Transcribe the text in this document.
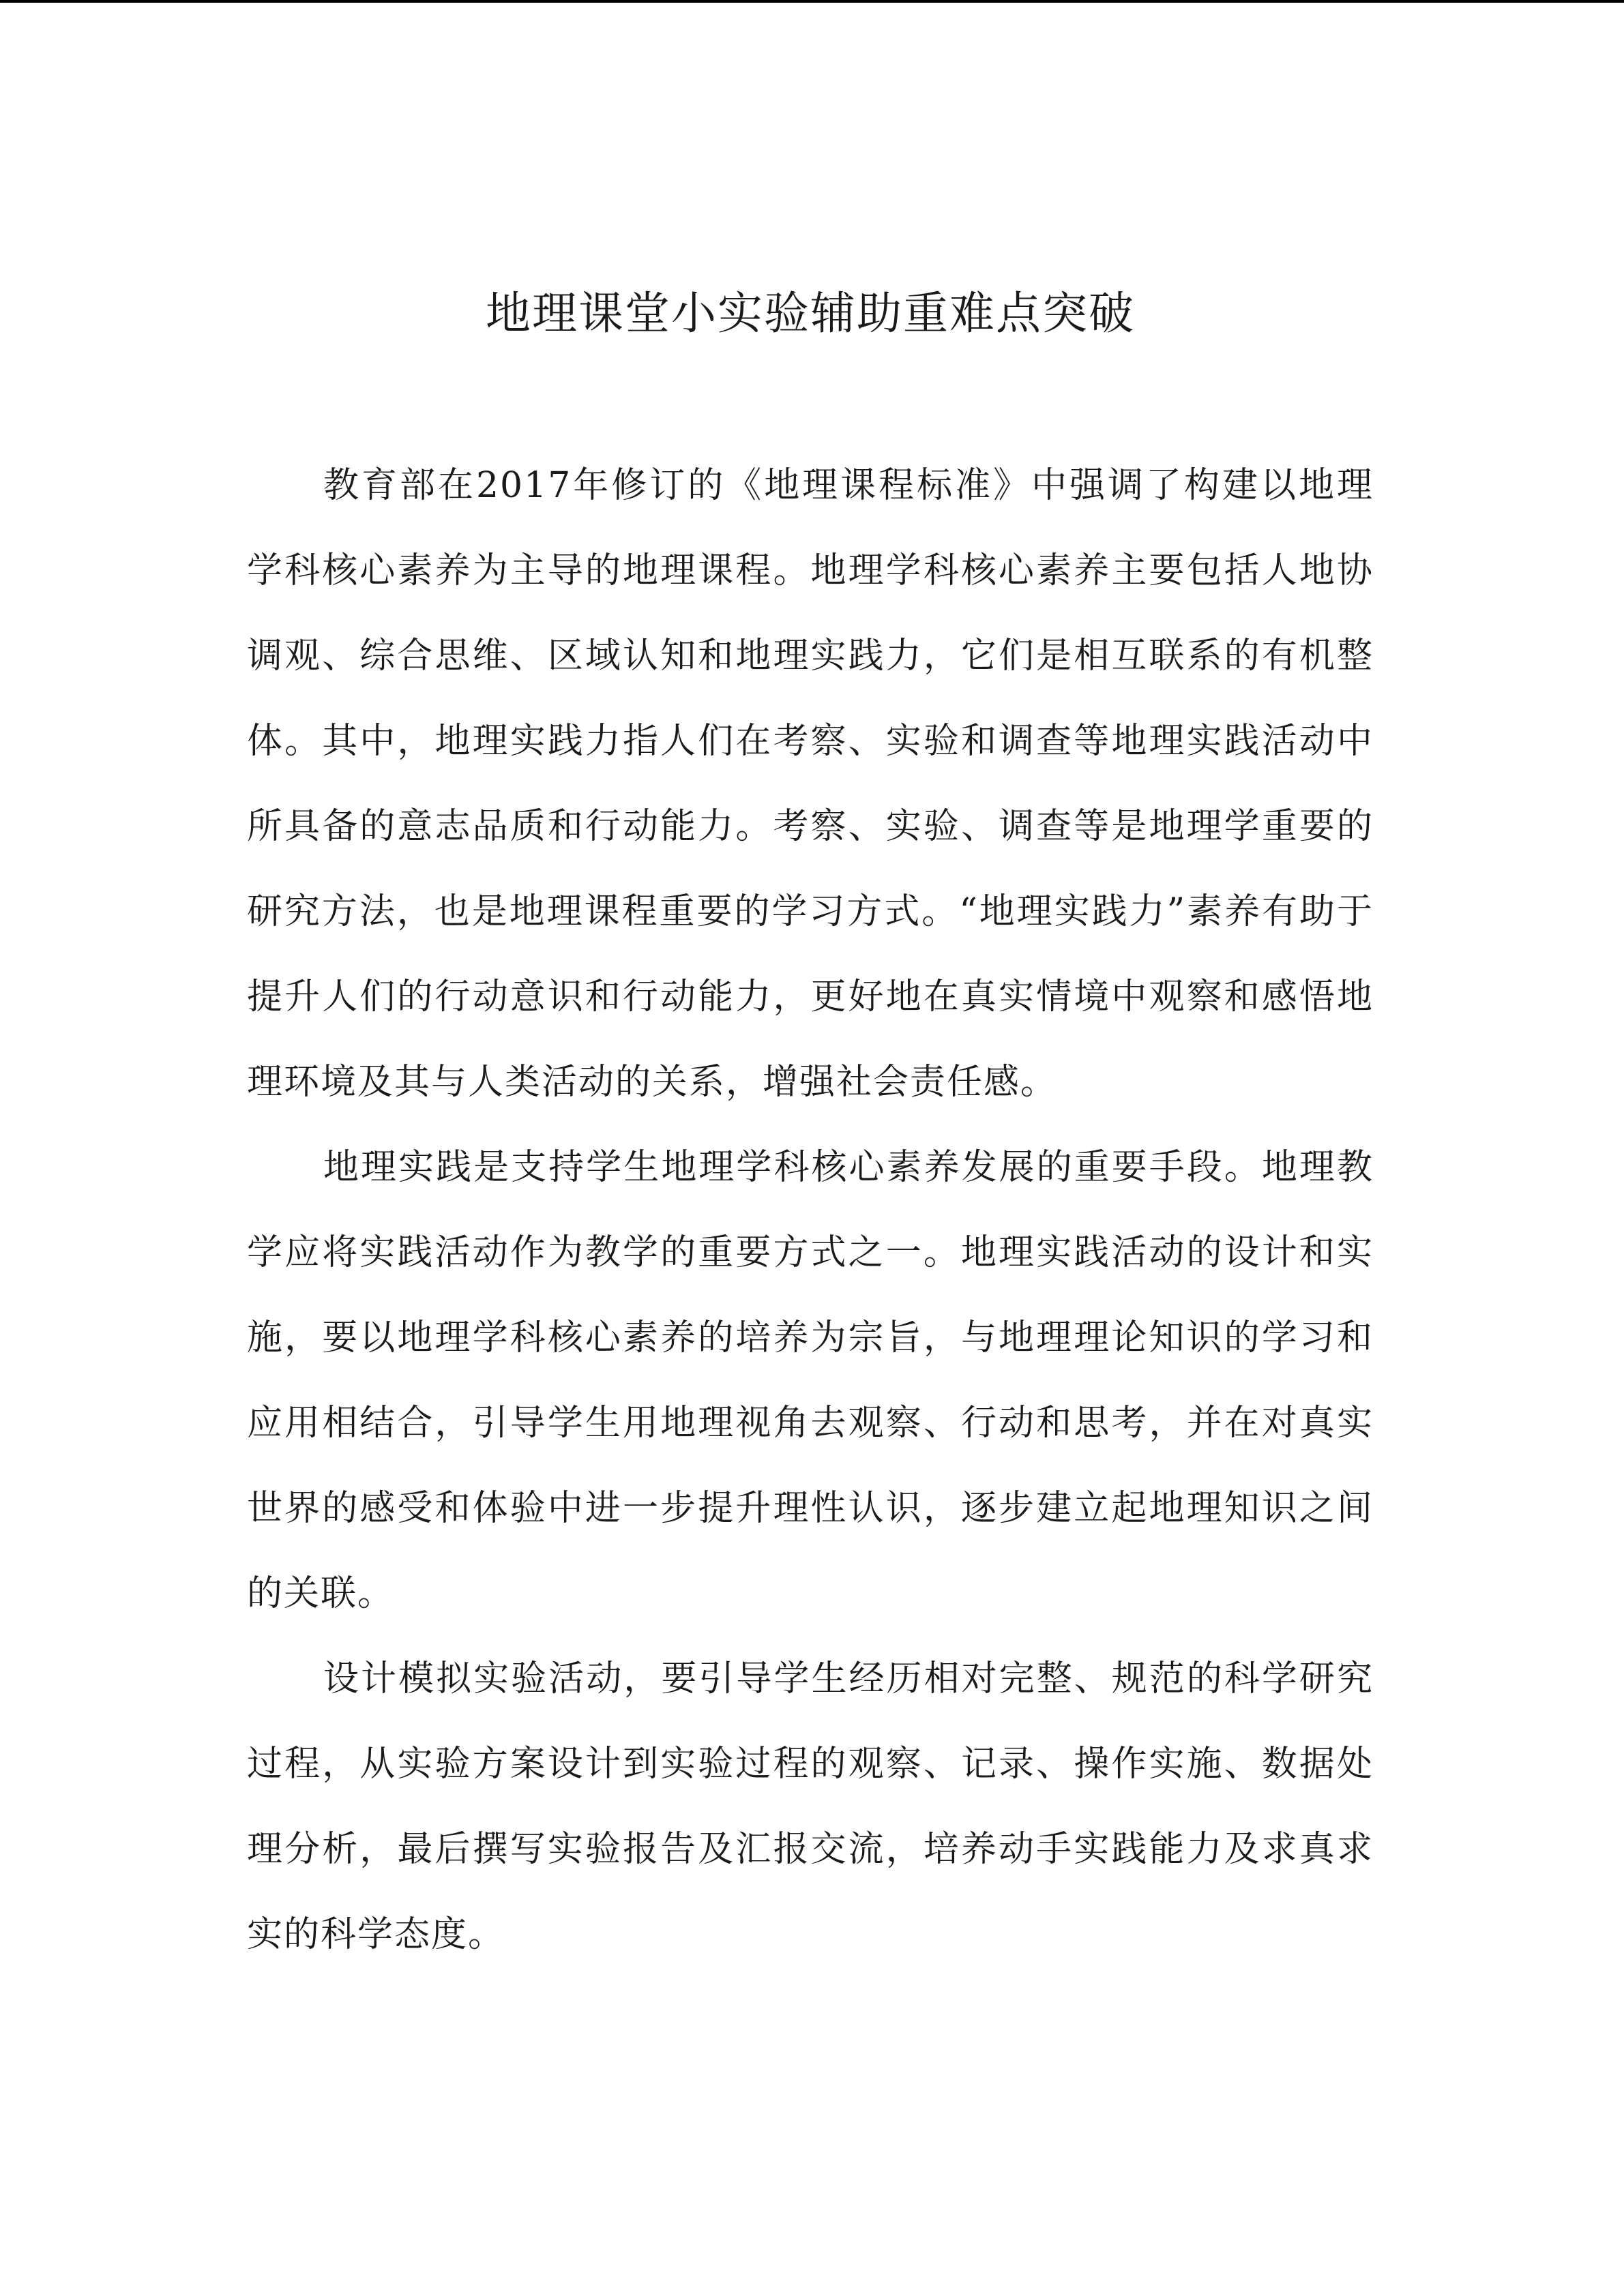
地理课堂小实验辅助重难点突破

教育部在2017年修订的《地理课程标准》中强调了构建以地理学科核心素养为主导的地理课程。地理学科核心素养主要包括人地协调观、综合思维、区域认知和地理实践力，它们是相互联系的有机整体。其中，地理实践力指人们在考察、实验和调查等地理实践活动中所具备的意志品质和行动能力。考察、实验、调查等是地理学重要的研究方法，也是地理课程重要的学习方式。“地理实践力”素养有助于提升人们的行动意识和行动能力，更好地在真实情境中观察和感悟地理环境及其与人类活动的关系，增强社会责任感。

地理实践是支持学生地理学科核心素养发展的重要手段。地理教学应将实践活动作为教学的重要方式之一。地理实践活动的设计和实施，要以地理学科核心素养的培养为宗旨，与地理理论知识的学习和应用相结合，引导学生用地理视角去观察、行动和思考，并在对真实世界的感受和体验中进一步提升理性认识，逐步建立起地理知识之间的关联。

设计模拟实验活动，要引导学生经历相对完整、规范的科学研究过程，从实验方案设计到实验过程的观察、记录、操作实施、数据处理分析，最后撰写实验报告及汇报交流，培养动手实践能力及求真求实的科学态度。
